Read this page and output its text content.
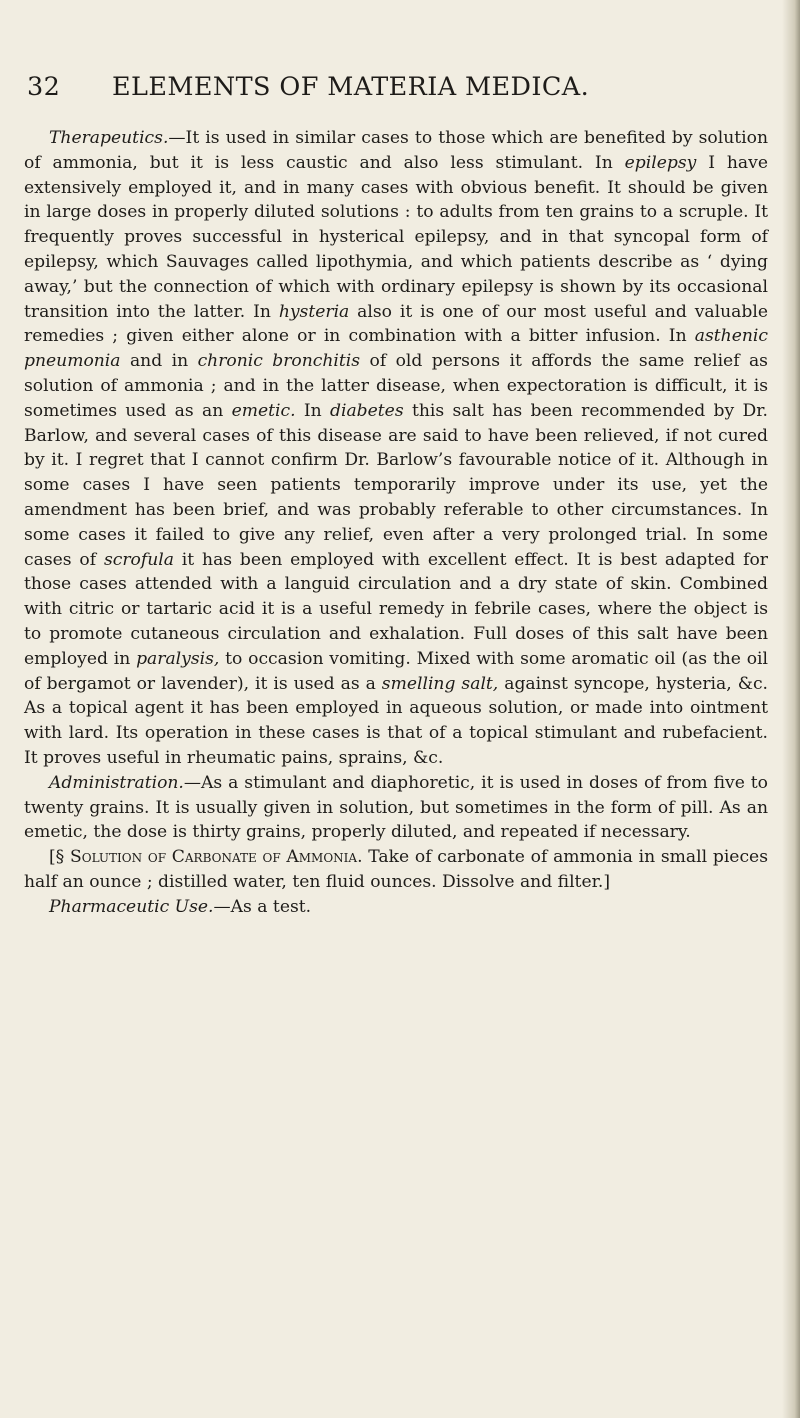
32 ELEMENTS OF MATERIA MEDICA.

Therapeutics.—It is used in similar cases to those which are benefited by solution of ammonia, but it is less caustic and also less stimulant. In epilepsy I have extensively employed it, and in many cases with obvious benefit. It should be given in large doses in properly diluted solutions : to adults from ten grains to a scruple. It frequently proves successful in hysterical epilepsy, and in that syncopal form of epilepsy, which Sauvages called lipothymia, and which patients describe as ‘ dying away,’ but the connection of which with ordinary epilepsy is shown by its occasional transition into the latter. In hysteria also it is one of our most useful and valuable remedies ; given either alone or in combination with a bitter infusion. In asthenic pneumonia and in chronic bronchitis of old persons it affords the same relief as solution of ammonia ; and in the latter disease, when expectoration is difficult, it is sometimes used as an emetic. In diabetes this salt has been recommended by Dr. Barlow, and several cases of this disease are said to have been relieved, if not cured by it. I regret that I cannot confirm Dr. Barlow’s favourable notice of it. Although in some cases I have seen patients temporarily improve under its use, yet the amendment has been brief, and was probably referable to other circumstances. In some cases it failed to give any relief, even after a very prolonged trial. In some cases of scrofula it has been employed with excellent effect. It is best adapted for those cases attended with a languid circulation and a dry state of skin. Combined with citric or tartaric acid it is a useful remedy in febrile cases, where the object is to promote cutaneous circulation and exhalation. Full doses of this salt have been employed in paralysis, to occasion vomiting. Mixed with some aromatic oil (as the oil of bergamot or lavender), it is used as a smelling salt, against syncope, hysteria, &c. As a topical agent it has been employed in aqueous solution, or made into ointment with lard. Its operation in these cases is that of a topical stimulant and rubefacient. It proves useful in rheumatic pains, sprains, &c.

Administration.—As a stimulant and diaphoretic, it is used in doses of from five to twenty grains. It is usually given in solution, but sometimes in the form of pill. As an emetic, the dose is thirty grains, properly diluted, and repeated if necessary.

[§ Solution of Carbonate of Ammonia. Take of carbonate of ammonia in small pieces half an ounce ; distilled water, ten fluid ounces. Dissolve and filter.]

Pharmaceutic Use.—As a test.
